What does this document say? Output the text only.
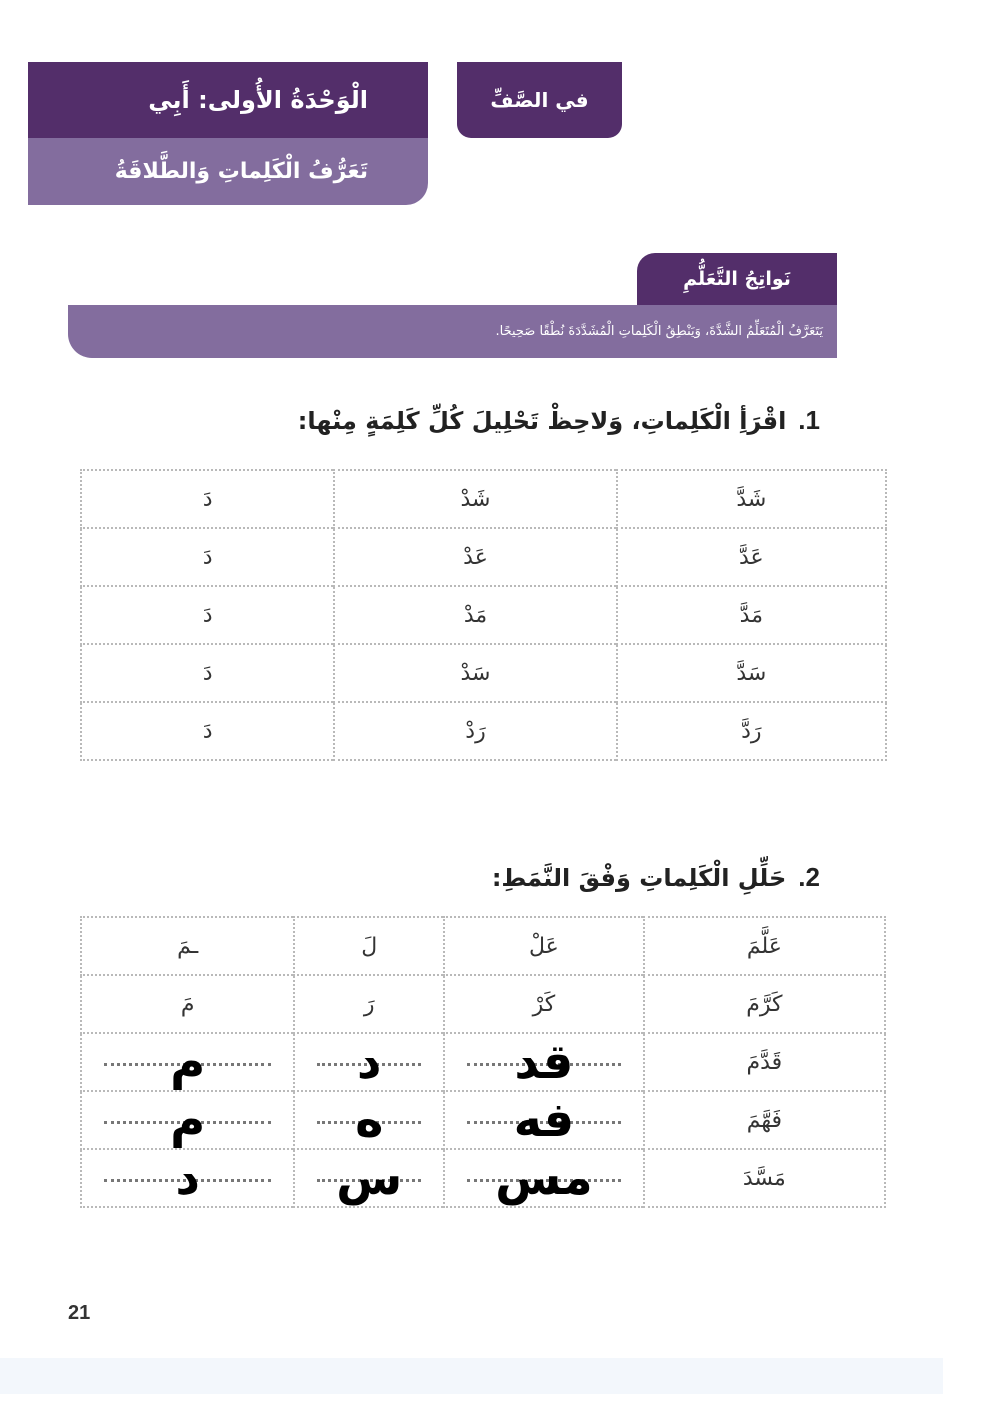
الْوَحْدَةُ الأُولى: أَبِي
تَعَرُّفُ الْكَلِماتِ وَالطَّلاقَةُ
في الصَّفِّ
نَواتِجُ التَّعَلُّمِ
يَتَعَرَّفُ الْمُتَعَلِّمُ الشَّدَّةَ، وَيَنْطِقُ الْكَلِماتِ الْمُشَدَّدَةَ نُطْقًا صَحِيحًا.
1.
اقْرَأِ الْكَلِماتِ، وَلاحِظْ تَحْلِيلَ كُلِّ كَلِمَةٍ مِنْها:
شَدَّ	شَدْ	دَ
عَدَّ	عَدْ	دَ
مَدَّ	مَدْ	دَ
سَدَّ	سَدْ	دَ
رَدَّ	رَدْ	دَ
2.
حَلِّلِ الْكَلِماتِ وَفْقَ النَّمَطِ:
عَلَّمَ	عَلْ	لَ	ـمَ
كَرَّمَ	كَرْ	رَ	مَ
قَدَّمَ	قد	د	م
فَهَّمَ	فه	ه	م
مَسَّدَ	مس	س	د
21
